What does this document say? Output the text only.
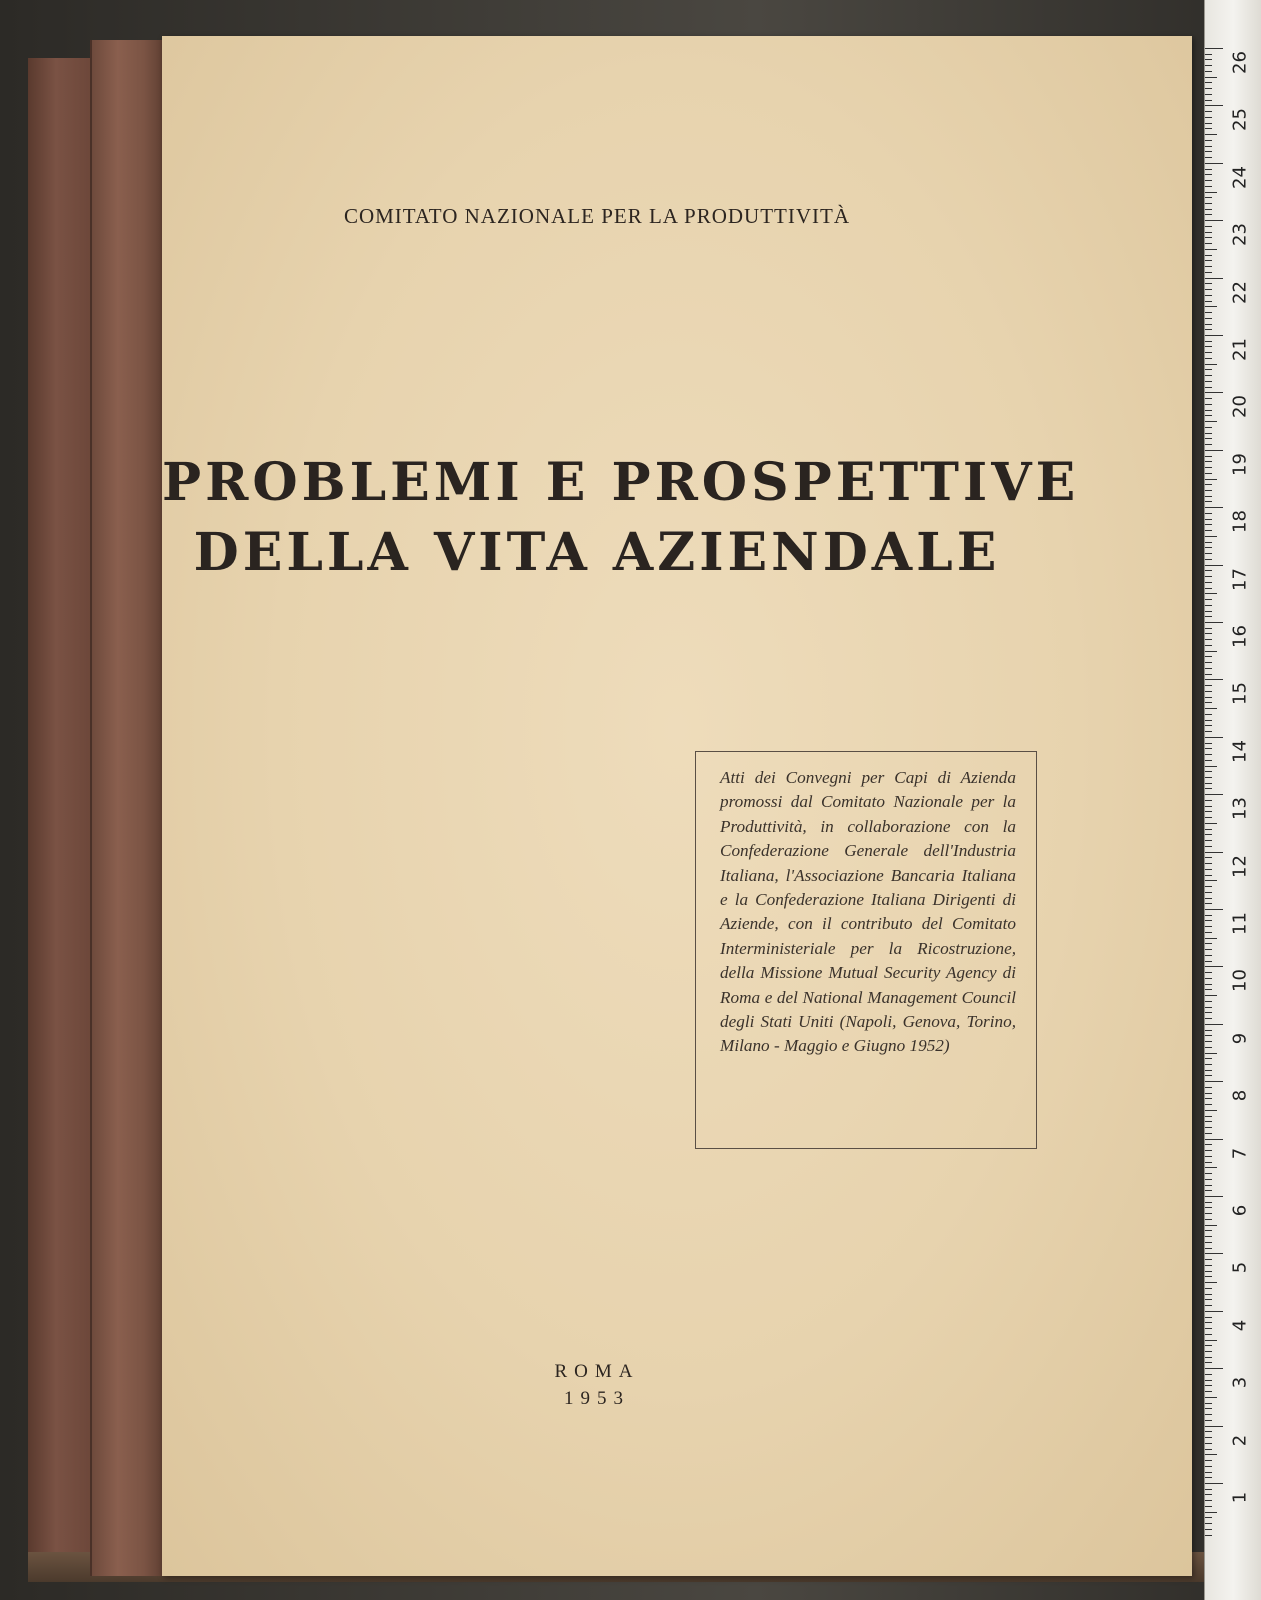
COMITATO NAZIONALE PER LA PRODUTTIVITÀ
PROBLEMI E PROSPETTIVE
DELLA VITA AZIENDALE
Atti dei Convegni per Capi di Azienda promossi dal Comitato Nazionale per la Produttività, in collaborazione con la Confederazione Generale dell'Industria Italiana, l'Associazione Bancaria Italiana e la Confederazione Italiana Dirigenti di Aziende, con il contributo del Comitato Interministeriale per la Ricostruzione, della Missione Mutual Security Agency di Roma e del National Management Council degli Stati Uniti (Napoli, Genova, Torino, Milano - Maggio e Giugno 1952)
ROMA
1953
26
25
24
23
22
21
20
19
18
17
16
15
14
13
12
11
10
9
8
7
6
5
4
3
2
1
